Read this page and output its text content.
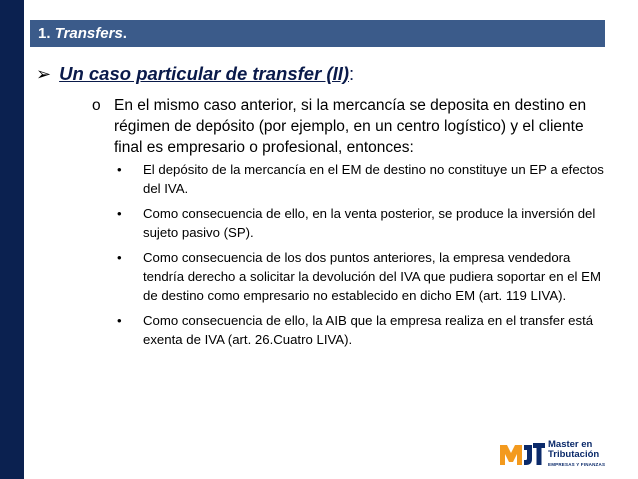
1. Transfers.
➢ Un caso particular de transfer (II) :
o En el mismo caso anterior, si la mercancía se deposita en destino en régimen de depósito (por ejemplo, en un centro logístico) y el cliente final es empresario o profesional, entonces:
• El depósito de la mercancía en el EM de destino no constituye un EP a efectos del IVA.
• Como consecuencia de ello, en la venta posterior, se produce la inversión del sujeto pasivo (SP).
• Como consecuencia de los dos puntos anteriores, la empresa vendedora tendría derecho a solicitar la devolución del IVA que pudiera soportar en el EM de destino como empresario no establecido en dicho EM (art. 119 LIVA).
• Como consecuencia de ello, la AIB que la empresa realiza en el transfer está exenta de IVA (art. 26.Cuatro LIVA).
Master en
Tributación
EMPRESAS Y FINANZAS
